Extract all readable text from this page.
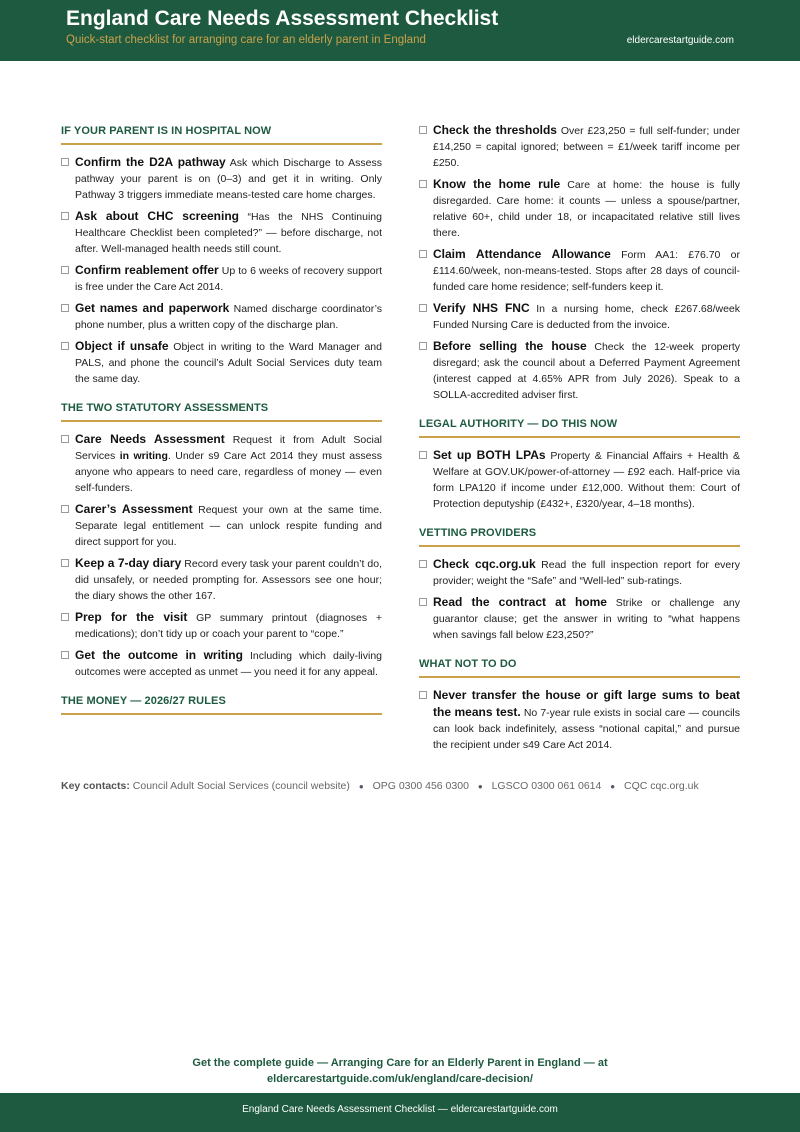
England Care Needs Assessment Checklist
Quick-start checklist for arranging care for an elderly parent in England	eldercarestartguide.com
IF YOUR PARENT IS IN HOSPITAL NOW
Confirm the D2A pathway Ask which Discharge to Assess pathway your parent is on (0–3) and get it in writing. Only Pathway 3 triggers immediate means-tested care home charges.
Ask about CHC screening “Has the NHS Continuing Healthcare Checklist been completed?” — before discharge, not after. Well-managed health needs still count.
Confirm reablement offer Up to 6 weeks of recovery support is free under the Care Act 2014.
Get names and paperwork Named discharge coordinator’s phone number, plus a written copy of the discharge plan.
Object if unsafe Object in writing to the Ward Manager and PALS, and phone the council’s Adult Social Services duty team the same day.
THE TWO STATUTORY ASSESSMENTS
Care Needs Assessment Request it from Adult Social Services in writing. Under s9 Care Act 2014 they must assess anyone who appears to need care, regardless of money — even self-funders.
Carer’s Assessment Request your own at the same time. Separate legal entitlement — can unlock respite funding and direct support for you.
Keep a 7-day diary Record every task your parent couldn’t do, did unsafely, or needed prompting for. Assessors see one hour; the diary shows the other 167.
Prep for the visit GP summary printout (diagnoses + medications); don’t tidy up or coach your parent to “cope.”
Get the outcome in writing Including which daily-living outcomes were accepted as unmet — you need it for any appeal.
THE MONEY — 2026/27 RULES
Check the thresholds Over £23,250 = full self-funder; under £14,250 = capital ignored; between = £1/week tariff income per £250.
Know the home rule Care at home: the house is fully disregarded. Care home: it counts — unless a spouse/partner, relative 60+, child under 18, or incapacitated relative still lives there.
Claim Attendance Allowance Form AA1: £76.70 or £114.60/week, non-means-tested. Stops after 28 days of council-funded care home residence; self-funders keep it.
Verify NHS FNC In a nursing home, check £267.68/week Funded Nursing Care is deducted from the invoice.
Before selling the house Check the 12-week property disregard; ask the council about a Deferred Payment Agreement (interest capped at 4.65% APR from July 2026). Speak to a SOLLA-accredited adviser first.
LEGAL AUTHORITY — DO THIS NOW
Set up BOTH LPAs Property & Financial Affairs + Health & Welfare at GOV.UK/power-of-attorney — £92 each. Half-price via form LPA120 if income under £12,000. Without them: Court of Protection deputyship (£432+, £320/year, 4–18 months).
VETTING PROVIDERS
Check cqc.org.uk Read the full inspection report for every provider; weight the “Safe” and “Well-led” sub-ratings.
Read the contract at home Strike or challenge any guarantor clause; get the answer in writing to “what happens when savings fall below £23,250?”
WHAT NOT TO DO
Never transfer the house or gift large sums to beat the means test. No 7-year rule exists in social care — councils can look back indefinitely, assess “notional capital,” and pursue the recipient under s49 Care Act 2014.
Key contacts: Council Adult Social Services (council website) ● OPG 0300 456 0300 ● LGSCO 0300 061 0614 ● CQC cqc.org.uk
Get the complete guide — Arranging Care for an Elderly Parent in England — at
eldercarestartguide.com/uk/england/care-decision/
England Care Needs Assessment Checklist — eldercarestartguide.com
